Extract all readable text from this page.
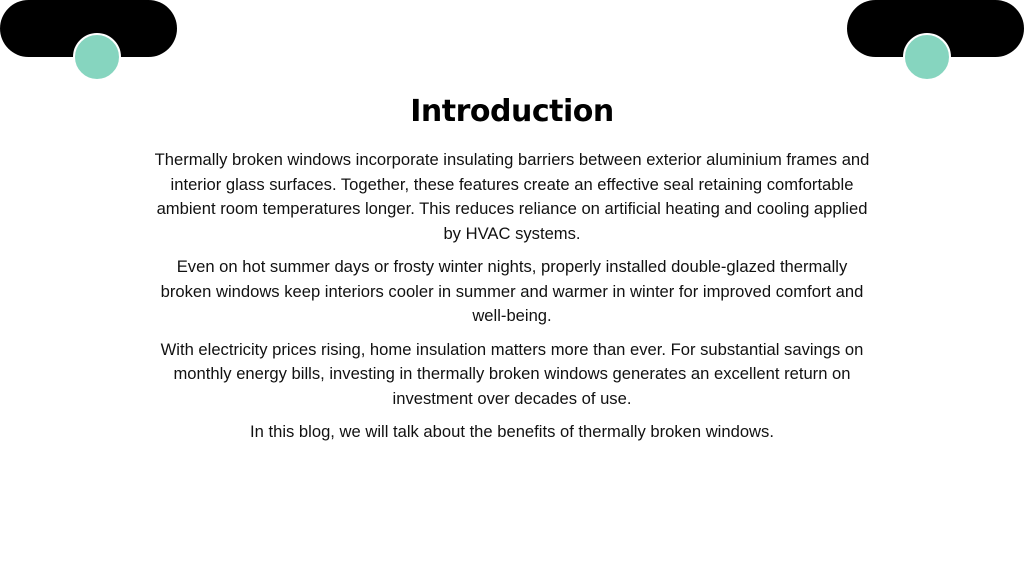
Introduction

Thermally broken windows incorporate insulating barriers between exterior aluminium frames and interior glass surfaces. Together, these features create an effective seal retaining comfortable ambient room temperatures longer. This reduces reliance on artificial heating and cooling applied by HVAC systems.

Even on hot summer days or frosty winter nights, properly installed double-glazed thermally broken windows keep interiors cooler in summer and warmer in winter for improved comfort and well-being.

With electricity prices rising, home insulation matters more than ever. For substantial savings on monthly energy bills, investing in thermally broken windows generates an excellent return on investment over decades of use.

In this blog, we will talk about the benefits of thermally broken windows.
